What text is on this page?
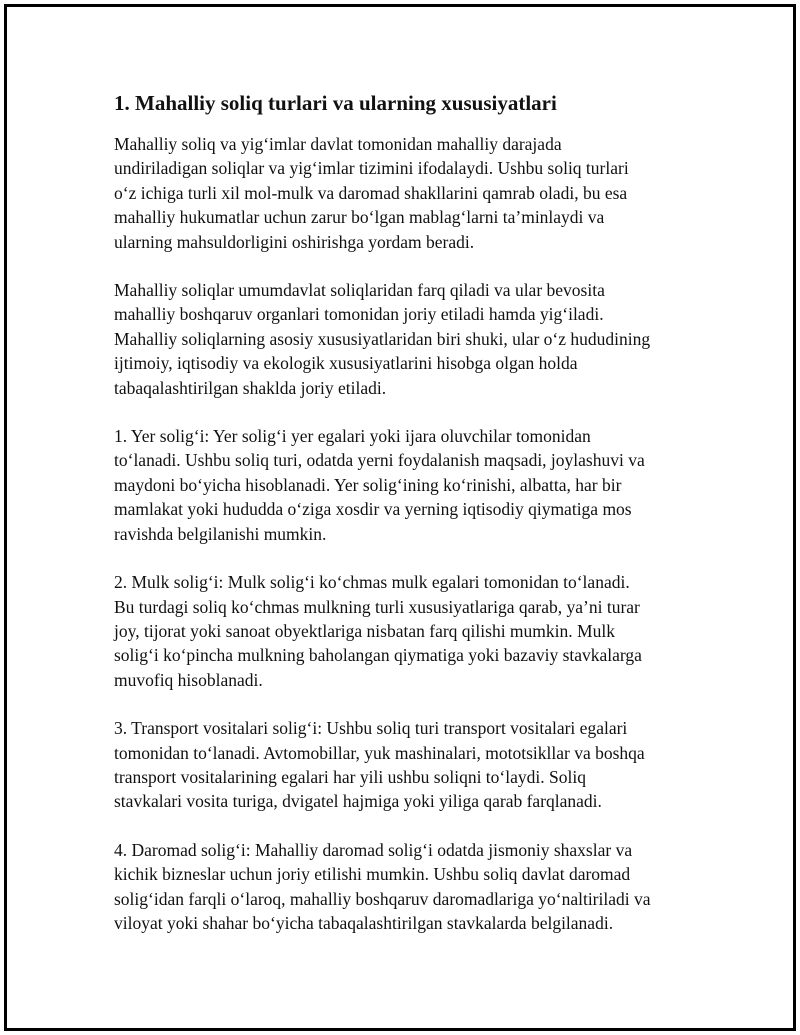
1. Mahalliy soliq turlari va ularning xususiyatlari

Mahalliy soliq va yig‘imlar davlat tomonidan mahalliy darajada
undiriladigan soliqlar va yig‘imlar tizimini ifodalaydi. Ushbu soliq turlari
o‘z ichiga turli xil mol-mulk va daromad shakllarini qamrab oladi, bu esa
mahalliy hukumatlar uchun zarur bo‘lgan mablag‘larni ta’minlaydi va
ularning mahsuldorligini oshirishga yordam beradi.

Mahalliy soliqlar umumdavlat soliqlaridan farq qiladi va ular bevosita
mahalliy boshqaruv organlari tomonidan joriy etiladi hamda yig‘iladi.
Mahalliy soliqlarning asosiy xususiyatlaridan biri shuki, ular o‘z hududining
ijtimoiy, iqtisodiy va ekologik xususiyatlarini hisobga olgan holda
tabaqalashtirilgan shaklda joriy etiladi.

1. Yer solig‘i: Yer solig‘i yer egalari yoki ijara oluvchilar tomonidan
to‘lanadi. Ushbu soliq turi, odatda yerni foydalanish maqsadi, joylashuvi va
maydoni bo‘yicha hisoblanadi. Yer solig‘ining ko‘rinishi, albatta, har bir
mamlakat yoki hududda o‘ziga xosdir va yerning iqtisodiy qiymatiga mos
ravishda belgilanishi mumkin.

2. Mulk solig‘i: Mulk solig‘i ko‘chmas mulk egalari tomonidan to‘lanadi.
Bu turdagi soliq ko‘chmas mulkning turli xususiyatlariga qarab, ya’ni turar
joy, tijorat yoki sanoat obyektlariga nisbatan farq qilishi mumkin. Mulk
solig‘i ko‘pincha mulkning baholangan qiymatiga yoki bazaviy stavkalarga
muvofiq hisoblanadi.

3. Transport vositalari solig‘i: Ushbu soliq turi transport vositalari egalari
tomonidan to‘lanadi. Avtomobillar, yuk mashinalari, mototsikllar va boshqa
transport vositalarining egalari har yili ushbu soliqni to‘laydi. Soliq
stavkalari vosita turiga, dvigatel hajmiga yoki yiliga qarab farqlanadi.

4. Daromad solig‘i: Mahalliy daromad solig‘i odatda jismoniy shaxslar va
kichik bizneslar uchun joriy etilishi mumkin. Ushbu soliq davlat daromad
solig‘idan farqli o‘laroq, mahalliy boshqaruv daromadlariga yo‘naltiriladi va
viloyat yoki shahar bo‘yicha tabaqalashtirilgan stavkalarda belgilanadi.
